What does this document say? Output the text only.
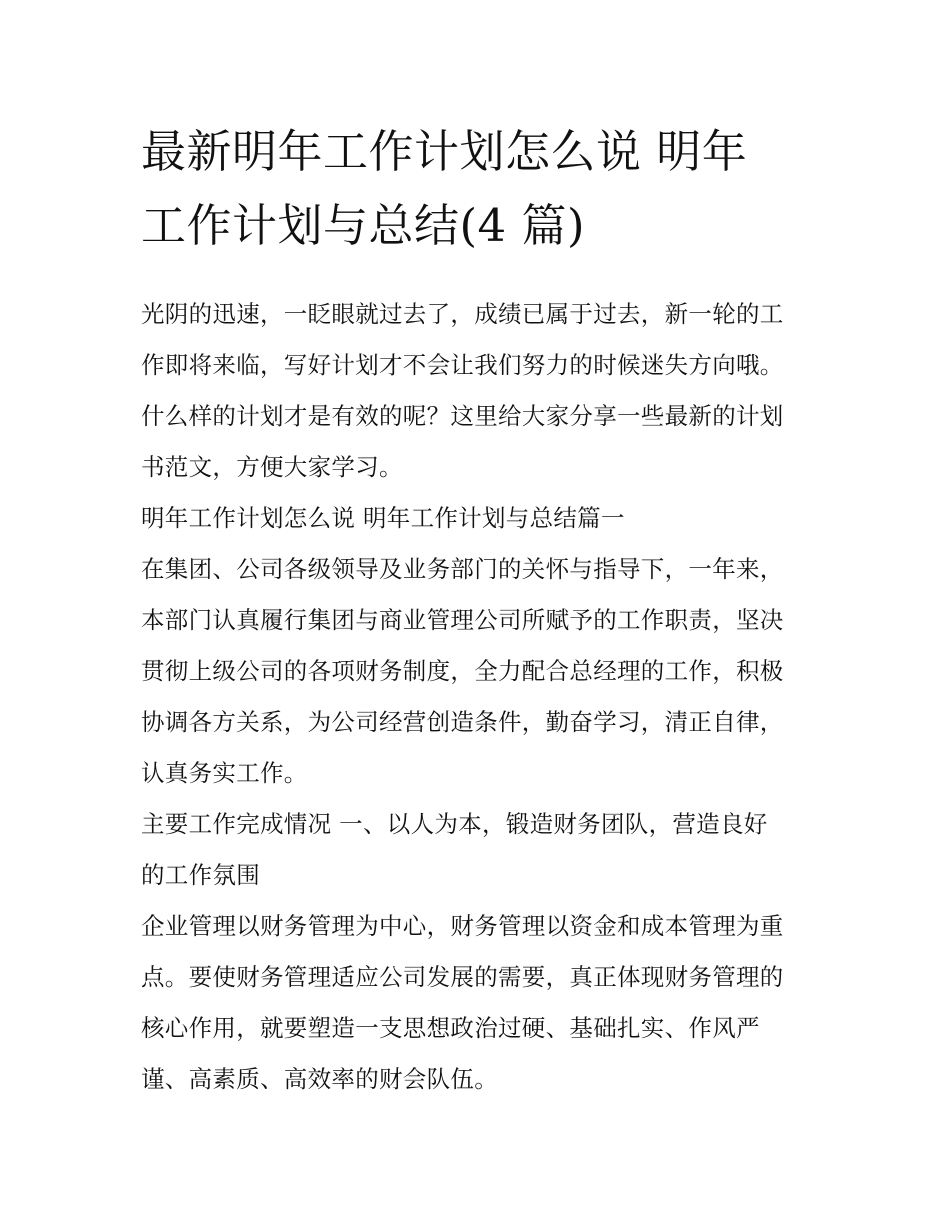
最新明年工作计划怎么说 明年
工作计划与总结(4 篇)

光阴的迅速，一眨眼就过去了，成绩已属于过去，新一轮的工
作即将来临，写好计划才不会让我们努力的时候迷失方向哦。
什么样的计划才是有效的呢？这里给大家分享一些最新的计划
书范文，方便大家学习。

明年工作计划怎么说 明年工作计划与总结篇一

在集团、公司各级领导及业务部门的关怀与指导下，一年来，
本部门认真履行集团与商业管理公司所赋予的工作职责，坚决
贯彻上级公司的各项财务制度，全力配合总经理的工作，积极
协调各方关系，为公司经营创造条件，勤奋学习，清正自律，
认真务实工作。

主要工作完成情况 一、以人为本，锻造财务团队，营造良好
的工作氛围

企业管理以财务管理为中心，财务管理以资金和成本管理为重
点。要使财务管理适应公司发展的需要，真正体现财务管理的
核心作用，就要塑造一支思想政治过硬、基础扎实、作风严
谨、高素质、高效率的财会队伍。
